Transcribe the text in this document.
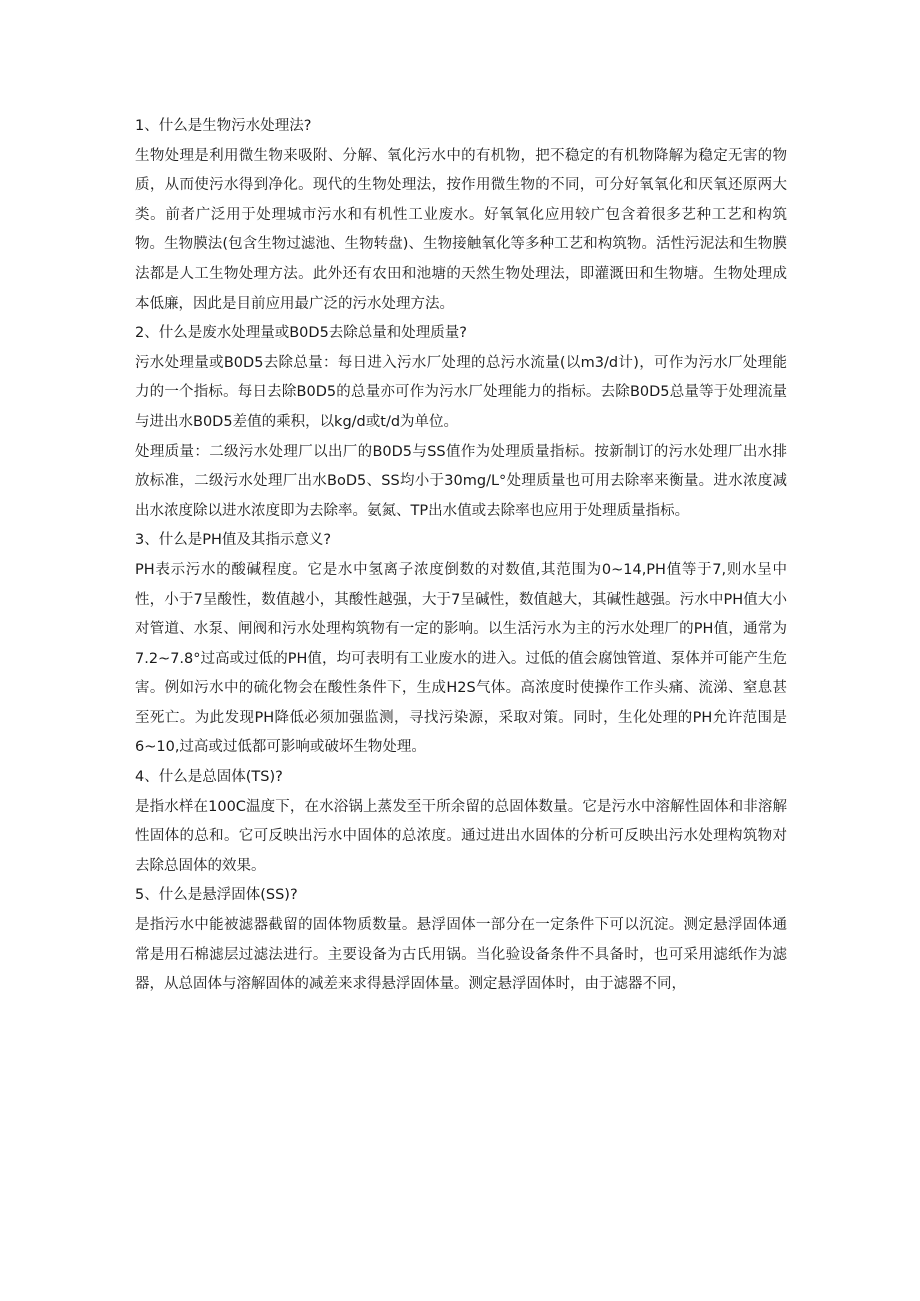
1、什么是生物污水处理法?

生物处理是利用微生物来吸附、分解、氧化污水中的有机物，把不稳定的有机物降解为稳定无害的物质，从而使污水得到净化。现代的生物处理法，按作用微生物的不同，可分好氧氧化和厌氧还原两大类。前者广泛用于处理城市污水和有机性工业废水。好氧氧化应用较广包含着很多艺种工艺和构筑物。生物膜法(包含生物过滤池、生物转盘)、生物接触氧化等多种工艺和构筑物。活性污泥法和生物膜法都是人工生物处理方法。此外还有农田和池塘的天然生物处理法，即灌溉田和生物塘。生物处理成本低廉，因此是目前应用最广泛的污水处理方法。

2、什么是废水处理量或B0D5去除总量和处理质量?

污水处理量或B0D5去除总量：每日进入污水厂处理的总污水流量(以m3∕d计)，可作为污水厂处理能力的一个指标。每日去除B0D5的总量亦可作为污水厂处理能力的指标。去除B0D5总量等于处理流量与进出水B0D5差值的乘积，以kg/d或t/d为单位。

处理质量：二级污水处理厂以出厂的B0D5与SS值作为处理质量指标。按新制订的污水处理厂出水排放标准，二级污水处理厂出水BoD5、SS均小于30mg∕L°处理质量也可用去除率来衡量。进水浓度减出水浓度除以进水浓度即为去除率。氨氮、TP出水值或去除率也应用于处理质量指标。

3、什么是PH值及其指示意义?

PH表示污水的酸碱程度。它是水中氢离子浓度倒数的对数值,其范围为0~14,PH值等于7,则水呈中性，小于7呈酸性，数值越小，其酸性越强，大于7呈碱性，数值越大，其碱性越强。污水中PH值大小对管道、水泵、闸阀和污水处理构筑物有一定的影响。以生活污水为主的污水处理厂的PH值，通常为7.2~7.8°过高或过低的PH值，均可表明有工业废水的进入。过低的值会腐蚀管道、泵体并可能产生危害。例如污水中的硫化物会在酸性条件下，生成H2S气体。高浓度时使操作工作头痛、流涕、窒息甚至死亡。为此发现PH降低必须加强监测，寻找污染源，采取对策。同时，生化处理的PH允许范围是6~10,过高或过低都可影响或破坏生物处理。

4、什么是总固体(TS)?

是指水样在100C温度下，在水浴锅上蒸发至干所余留的总固体数量。它是污水中溶解性固体和非溶解性固体的总和。它可反映出污水中固体的总浓度。通过进出水固体的分析可反映出污水处理构筑物对去除总固体的效果。

5、什么是悬浮固体(SS)?

是指污水中能被滤器截留的固体物质数量。悬浮固体一部分在一定条件下可以沉淀。测定悬浮固体通常是用石棉滤层过滤法进行。主要设备为古氏用锅。当化验设备条件不具备时，也可采用滤纸作为滤器，从总固体与溶解固体的减差来求得悬浮固体量。测定悬浮固体时，由于滤器不同，
